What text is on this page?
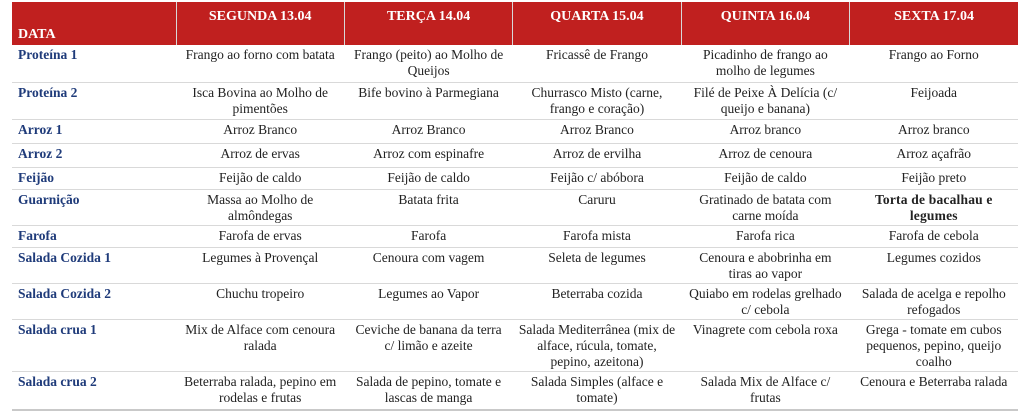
DATA	SEGUNDA 13.04	TERÇA 14.04	QUARTA 15.04	QUINTA 16.04	SEXTA 17.04
Proteína 1	Frango ao forno com batata	Frango (peito) ao Molho de Queijos	Fricassê de Frango	Picadinho de frango ao molho de legumes	Frango ao Forno
Proteína 2	Isca Bovina ao Molho de pimentões	Bife bovino à Parmegiana	Churrasco Misto (carne, frango e coração)	Filé de Peixe À Delícia (c/ queijo e banana)	Feijoada
Arroz 1	Arroz Branco	Arroz Branco	Arroz Branco	Arroz branco	Arroz branco
Arroz 2	Arroz de ervas	Arroz com espinafre	Arroz de ervilha	Arroz de cenoura	Arroz açafrão
Feijão	Feijão de caldo	Feijão de caldo	Feijão c/ abóbora	Feijão de caldo	Feijão preto
Guarnição	Massa ao Molho de almôndegas	Batata frita	Caruru	Gratinado de batata com carne moída	Torta de bacalhau e legumes
Farofa	Farofa de ervas	Farofa	Farofa mista	Farofa rica	Farofa de cebola
Salada Cozida 1	Legumes à Provençal	Cenoura com vagem	Seleta de legumes	Cenoura e abobrinha em tiras ao vapor	Legumes cozidos
Salada Cozida 2	Chuchu tropeiro	Legumes ao Vapor	Beterraba cozida	Quiabo em rodelas grelhado c/ cebola	Salada de acelga e repolho refogados
Salada crua 1	Mix de Alface com cenoura ralada	Ceviche de banana da terra c/ limão e azeite	Salada Mediterrânea (mix de alface, rúcula, tomate, pepino, azeitona)	Vinagrete com cebola roxa	Grega - tomate em cubos pequenos, pepino, queijo coalho
Salada crua 2	Beterraba ralada, pepino em rodelas e frutas	Salada de pepino, tomate e lascas de manga	Salada Simples (alface e tomate)	Salada Mix de Alface c/ frutas	Cenoura e Beterraba ralada
